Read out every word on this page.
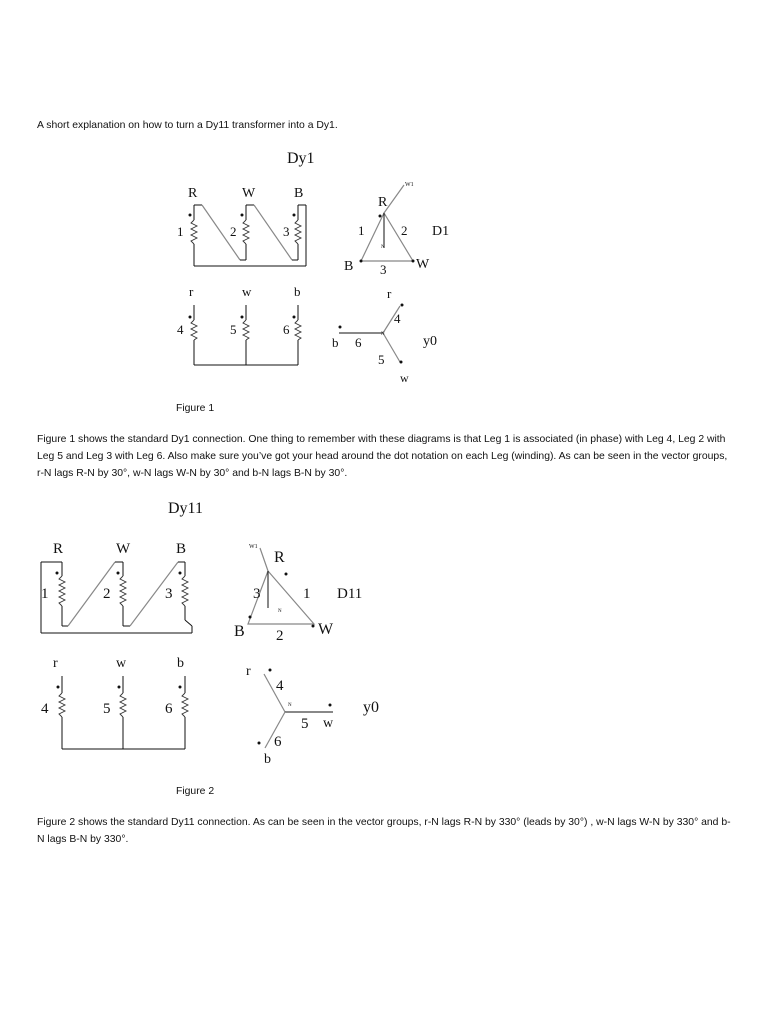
A short explanation on how to turn a Dy11 transformer into a Dy1.
Dy1
R	W	B
1	2	3
W1
R
1	2
N
D1
B	W
3
r	w	b
4	5	6
r
4
N	y0
b 6
5
w
Figure 1
Figure 1 shows the standard Dy1 connection. One thing to remember with these diagrams is that Leg 1 is associated (in phase) with Leg 4, Leg 2 with Leg 5 and Leg 3 with Leg 6. Also make sure you’ve got your head around the dot notation on each Leg (winding). As can be seen in the vector groups, r-N lags R-N by 30°, w-N lags W-N by 30° and b-N lags B-N by 30°.
Dy11
R	W	B
1	2	3
W1
R
3	1
N
D11
B	W
2
r	w	b
4	5	6
r
4
N	y0
5 w
6
b
Figure 2
Figure 2 shows the standard Dy11 connection. As can be seen in the vector groups, r-N lags R-N by 330° (leads by 30°) , w-N lags W-N by 330° and b-N lags B-N by 330°.
